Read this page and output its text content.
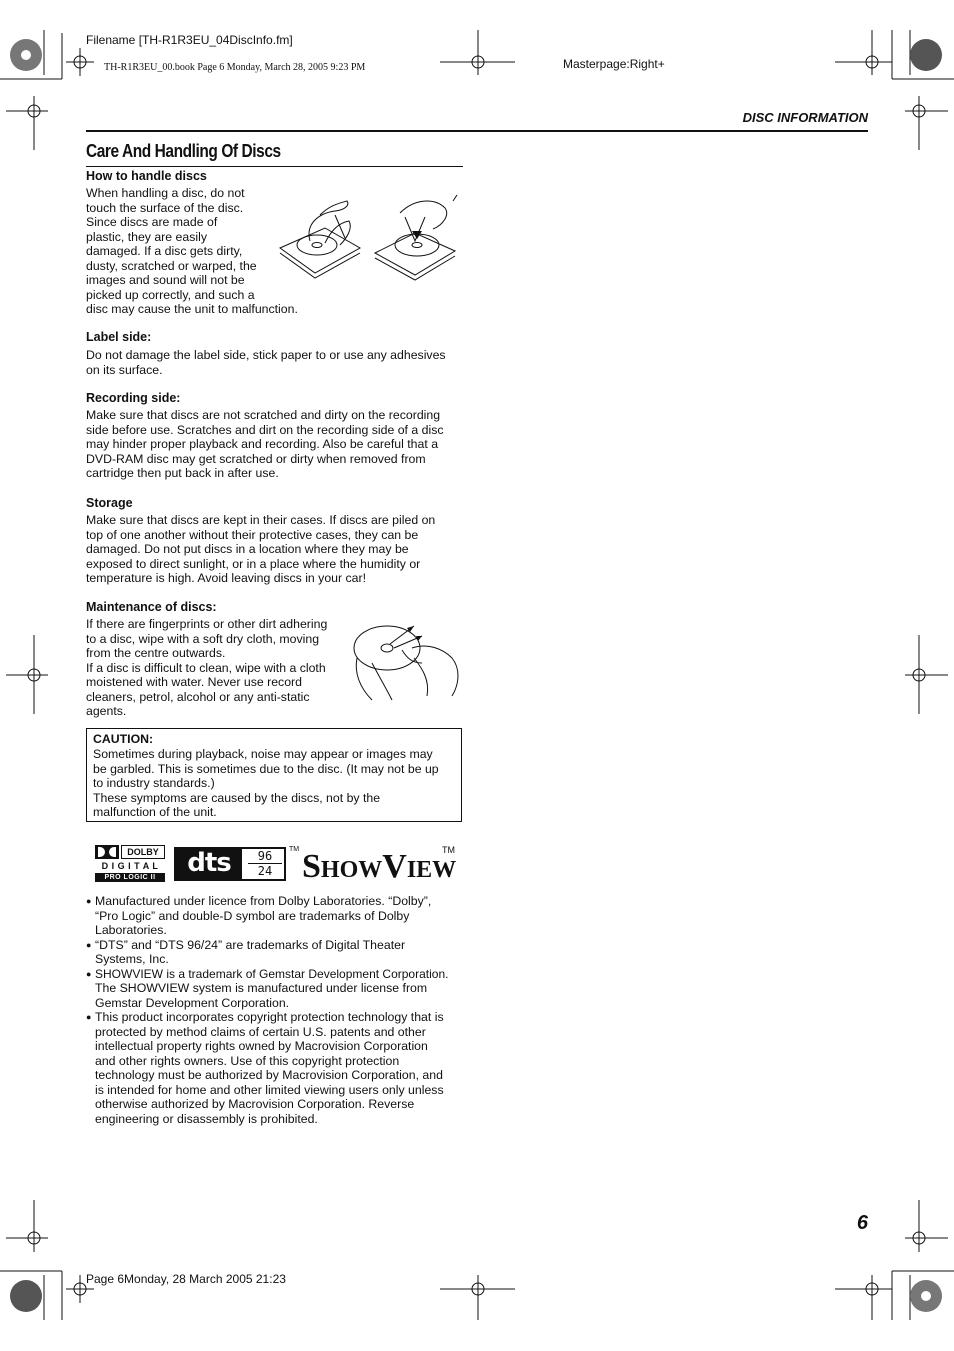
Filename [TH-R1R3EU_04DiscInfo.fm]
TH-R1R3EU_00.book Page 6 Monday, March 28, 2005 9:23 PM	Masterpage:Right+
DISC INFORMATION
Care And Handling Of Discs
How to handle discs
When handling a disc, do not
touch the surface of the disc.
Since discs are made of
plastic, they are easily
damaged. If a disc gets dirty,
dusty, scratched or warped, the
images and sound will not be
picked up correctly, and such a
disc may cause the unit to malfunction.
Label side:
Do not damage the label side, stick paper to or use any adhesives
on its surface.
Recording side:
Make sure that discs are not scratched and dirty on the recording
side before use. Scratches and dirt on the recording side of a disc
may hinder proper playback and recording. Also be careful that a
DVD-RAM disc may get scratched or dirty when removed from
cartridge then put back in after use.
Storage
Make sure that discs are kept in their cases. If discs are piled on
top of one another without their protective cases, they can be
damaged. Do not put discs in a location where they may be
exposed to direct sunlight, or in a place where the humidity or
temperature is high. Avoid leaving discs in your car!
Maintenance of discs:
If there are fingerprints or other dirt adhering
to a disc, wipe with a soft dry cloth, moving
from the centre outwards.
If a disc is difficult to clean, wipe with a cloth
moistened with water. Never use record
cleaners, petrol, alcohol or any anti-static
agents.
CAUTION:
Sometimes during playback, noise may appear or images may
be garbled. This is sometimes due to the disc. (It may not be up
to industry standards.)
These symptoms are caused by the discs, not by the
malfunction of the unit.
DOLBY
D I G I T A L
PRO LOGIC II	dts	96
24
TM SHOWVIEW
TM
● Manufactured under licence from Dolby Laboratories. “Dolby”,
“Pro Logic” and double-D symbol are trademarks of Dolby
Laboratories.
● “DTS” and “DTS 96/24” are trademarks of Digital Theater
Systems, Inc.
● SHOWVIEW is a trademark of Gemstar Development Corporation.
The SHOWVIEW system is manufactured under license from
Gemstar Development Corporation.
● This product incorporates copyright protection technology that is
protected by method claims of certain U.S. patents and other
intellectual property rights owned by Macrovision Corporation
and other rights owners. Use of this copyright protection
technology must be authorized by Macrovision Corporation, and
is intended for home and other limited viewing users only unless
otherwise authorized by Macrovision Corporation. Reverse
engineering or disassembly is prohibited.
6
Page 6Monday, 28 March 2005 21:23
